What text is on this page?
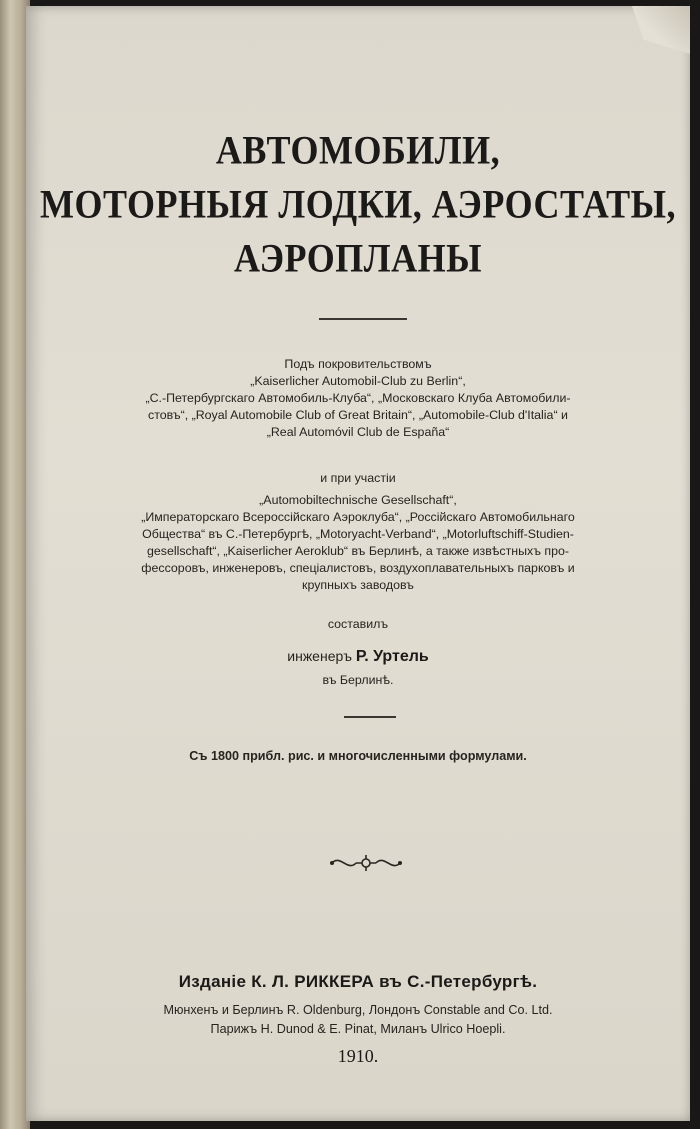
АВТОМОБИЛИ,
МОТОРНЫЯ ЛОДКИ, АЭРОСТАТЫ,
АЭРОПЛАНЫ
Подъ покровительствомъ
„Kaiserlicher Automobil-Club zu Berlin“,
„С.-Петербургскаго Автомобиль-Клуба“, „Московскаго Клуба Автомобили-
стовъ“, „Royal Automobile Club of Great Britain“, „Automobile-Club d'Italia“ и
„Real Automóvil Club de España“
и при участіи
„Automobiltechnische Gesellschaft“,
„Императорскаго Всероссійскаго Аэроклуба“, „Россійскаго Автомобильнаго
Общества“ въ С.-Петербургѣ, „Motoryacht-Verband“, „Motorluftschiff-Studien-
gesellschaft“, „Kaiserlicher Aeroklub“ въ Берлинѣ, а также извѣстныхъ про-
фессоровъ, инженеровъ, спеціалистовъ, воздухоплавательныхъ парковъ и
крупныхъ заводовъ
составилъ
инженеръ Р. Уртель
въ Берлинѣ.
Съ 1800 прибл. рис. и многочисленными формулами.
Изданіе К. Л. РИККЕРА въ С.-Петербургѣ.
Мюнхенъ и Берлинъ R. Oldenburg, Лондонъ Constable and Co. Ltd.
Парижъ H. Dunod & E. Pinat, Миланъ Ulrico Hoepli.
1910.
